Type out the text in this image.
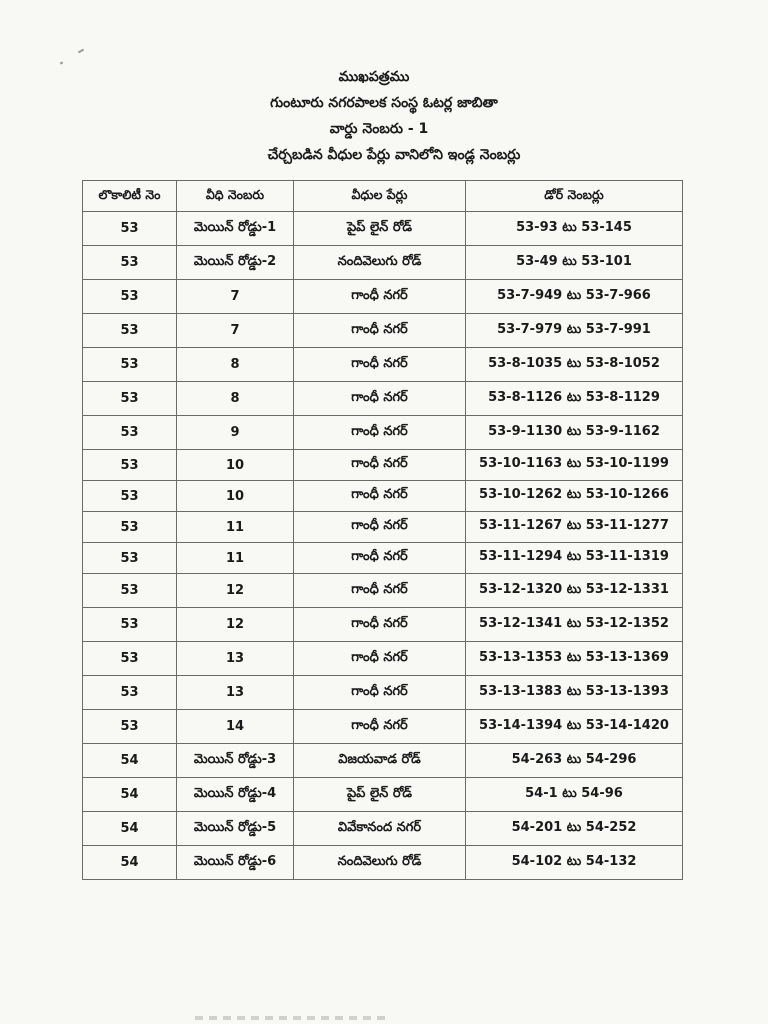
ముఖపత్రము
గుంటూరు నగరపాలక సంస్థ ఓటర్ల జాబితా
వార్డు నెంబరు - 1
చేర్చబడిన వీధుల పేర్లు వానిలోని ఇండ్ల నెంబర్లు
లొకాలిటీ నెం	వీధి నెంబరు	వీధుల పేర్లు	డోర్ నెంబర్లు
53	మెయిన్ రోడ్డు-1	పైప్ లైన్ రోడ్	53-93 టు 53-145
53	మెయిన్ రోడ్డు-2	నందివెలుగు రోడ్	53-49 టు 53-101
53	7	గాంధీ నగర్	53-7-949 టు 53-7-966
53	7	గాంధీ నగర్	53-7-979 టు 53-7-991
53	8	గాంధీ నగర్	53-8-1035 టు 53-8-1052
53	8	గాంధీ నగర్	53-8-1126 టు 53-8-1129
53	9	గాంధీ నగర్	53-9-1130 టు 53-9-1162
53	10	గాంధీ నగర్	53-10-1163 టు 53-10-1199
53	10	గాంధీ నగర్	53-10-1262 టు 53-10-1266
53	11	గాంధీ నగర్	53-11-1267 టు 53-11-1277
53	11	గాంధీ నగర్	53-11-1294 టు 53-11-1319
53	12	గాంధీ నగర్	53-12-1320 టు 53-12-1331
53	12	గాంధీ నగర్	53-12-1341 టు 53-12-1352
53	13	గాంధీ నగర్	53-13-1353 టు 53-13-1369
53	13	గాంధీ నగర్	53-13-1383 టు 53-13-1393
53	14	గాంధీ నగర్	53-14-1394 టు 53-14-1420
54	మెయిన్ రోడ్డు-3	విజయవాడ రోడ్	54-263 టు 54-296
54	మెయిన్ రోడ్డు-4	పైప్ లైన్ రోడ్	54-1 టు 54-96
54	మెయిన్ రోడ్డు-5	వివేకానంద నగర్	54-201 టు 54-252
54	మెయిన్ రోడ్డు-6	నందివెలుగు రోడ్	54-102 టు 54-132
